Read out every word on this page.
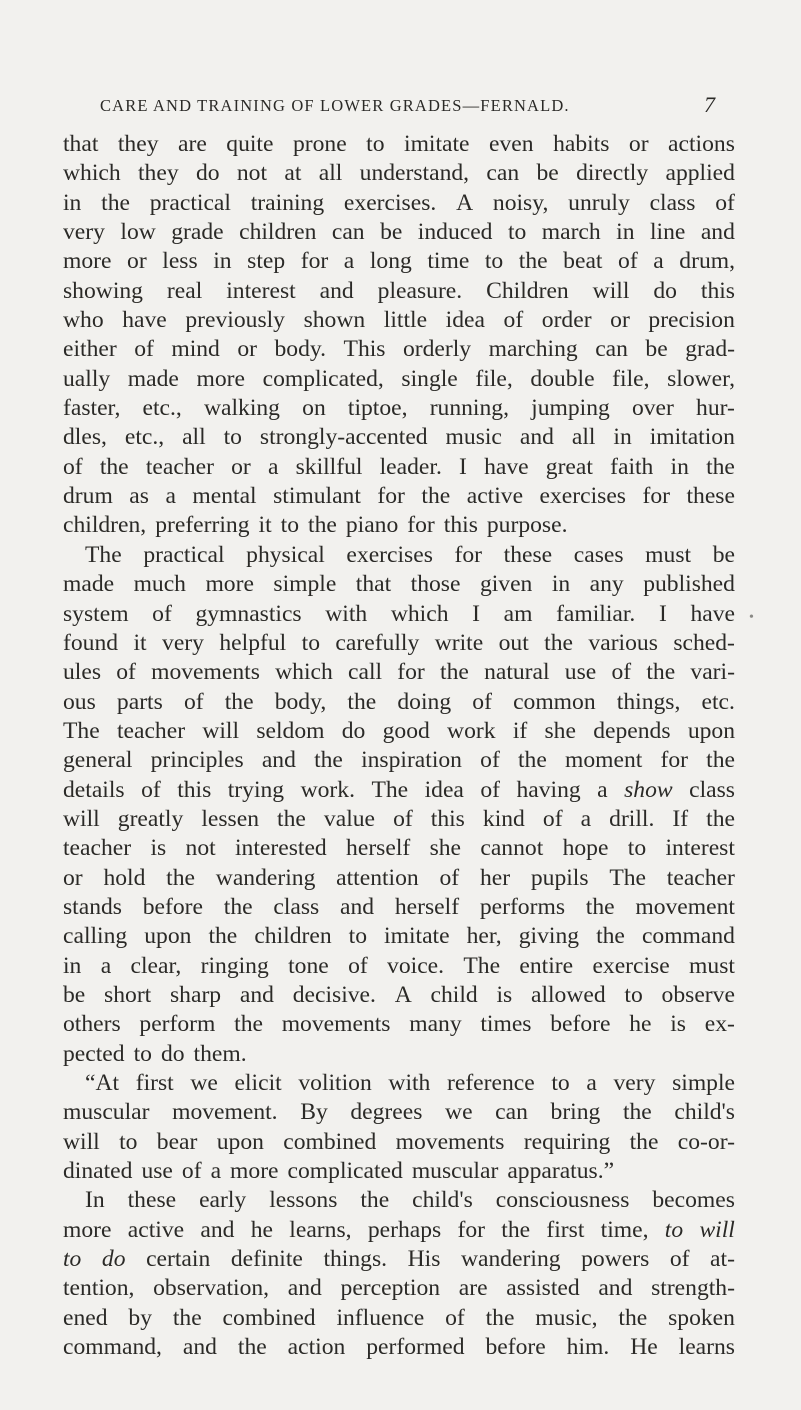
CARE AND TRAINING OF LOWER GRADES—FERNALD.	7
that they are quite prone to imitate even habits or actions
which they do not at all understand, can be directly applied
in the practical training exercises. A noisy, unruly class of
very low grade children can be induced to march in line and
more or less in step for a long time to the beat of a drum,
showing real interest and pleasure. Children will do this
who have previously shown little idea of order or precision
either of mind or body. This orderly marching can be grad-
ually made more complicated, single file, double file, slower,
faster, etc., walking on tiptoe, running, jumping over hur-
dles, etc., all to strongly-accented music and all in imitation
of the teacher or a skillful leader. I have great faith in the
drum as a mental stimulant for the active exercises for these
children, preferring it to the piano for this purpose.
The practical physical exercises for these cases must be
made much more simple that those given in any published
system of gymnastics with which I am familiar. I have
found it very helpful to carefully write out the various sched-
ules of movements which call for the natural use of the vari-
ous parts of the body, the doing of common things, etc.
The teacher will seldom do good work if she depends upon
general principles and the inspiration of the moment for the
details of this trying work. The idea of having a show class
will greatly lessen the value of this kind of a drill. If the
teacher is not interested herself she cannot hope to interest
or hold the wandering attention of her pupils The teacher
stands before the class and herself performs the movement
calling upon the children to imitate her, giving the command
in a clear, ringing tone of voice. The entire exercise must
be short sharp and decisive. A child is allowed to observe
others perform the movements many times before he is ex-
pected to do them.
“At first we elicit volition with reference to a very simple
muscular movement. By degrees we can bring the child's
will to bear upon combined movements requiring the co-or-
dinated use of a more complicated muscular apparatus.”
In these early lessons the child's consciousness becomes
more active and he learns, perhaps for the first time, to will
to do certain definite things. His wandering powers of at-
tention, observation, and perception are assisted and strength-
ened by the combined influence of the music, the spoken
command, and the action performed before him. He learns
•
